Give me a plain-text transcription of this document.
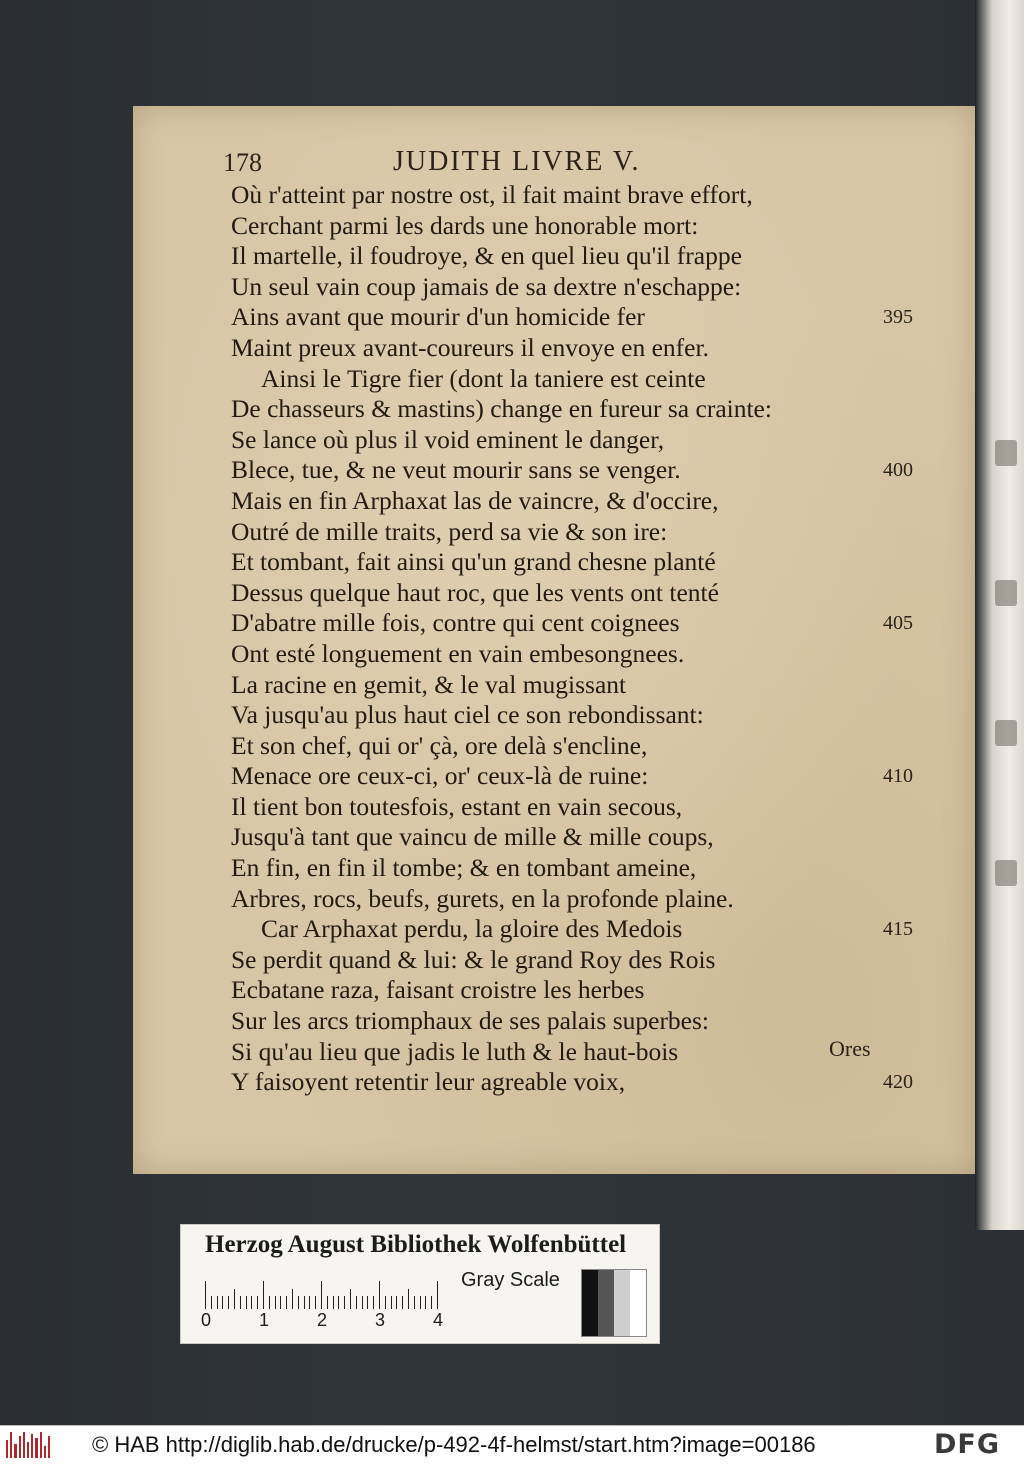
178	JUDITH LIVRE V.
Où r'atteint par nostre ost, il fait maint brave effort,
Cerchant parmi les dards une honorable mort:
Il martelle, il foudroye, & en quel lieu qu'il frappe
Un seul vain coup jamais de sa dextre n'eschappe:
Ains avant que mourir d'un homicide fer
Maint preux avant-coureurs il envoye en enfer.
Ainsi le Tigre fier (dont la taniere est ceinte
De chasseurs & mastins) change en fureur sa crainte:
Se lance où plus il void eminent le danger,
Blece, tue, & ne veut mourir sans se venger.
Mais en fin Arphaxat las de vaincre, & d'occire,
Outré de mille traits, perd sa vie & son ire:
Et tombant, fait ainsi qu'un grand chesne planté
Dessus quelque haut roc, que les vents ont tenté
D'abatre mille fois, contre qui cent coignees
Ont esté longuement en vain embesongnees.
La racine en gemit, & le val mugissant
Va jusqu'au plus haut ciel ce son rebondissant:
Et son chef, qui or' çà, ore delà s'encline,
Menace ore ceux-ci, or' ceux-là de ruine:
Il tient bon toutesfois, estant en vain secous,
Jusqu'à tant que vaincu de mille & mille coups,
En fin, en fin il tombe; & en tombant ameine,
Arbres, rocs, beufs, gurets, en la profonde plaine.
Car Arphaxat perdu, la gloire des Medois
Se perdit quand & lui: & le grand Roy des Rois
Ecbatane raza, faisant croistre les herbes
Sur les arcs triomphaux de ses palais superbes:
Si qu'au lieu que jadis le luth & le haut-bois
Y faisoyent retentir leur agreable voix,
395
400
405
410
415
420
Ores
Herzog August Bibliothek Wolfenbüttel
0	1	2	3	4
Gray Scale
© HAB http://diglib.hab.de/drucke/p-492-4f-helmst/start.htm?image=00186	DFG
